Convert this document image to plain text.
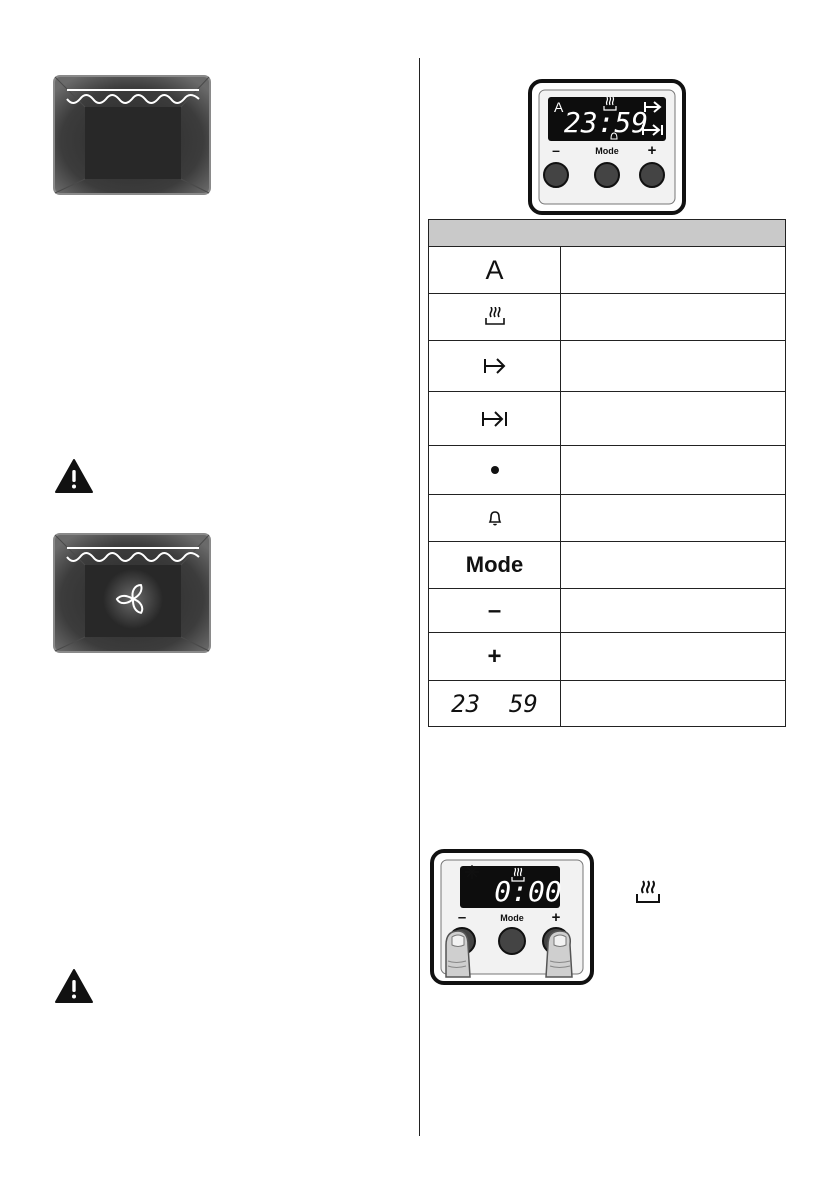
A 23:59
–	Mode +
A
Mode
–
+
23  59
0:00
–	Mode +
